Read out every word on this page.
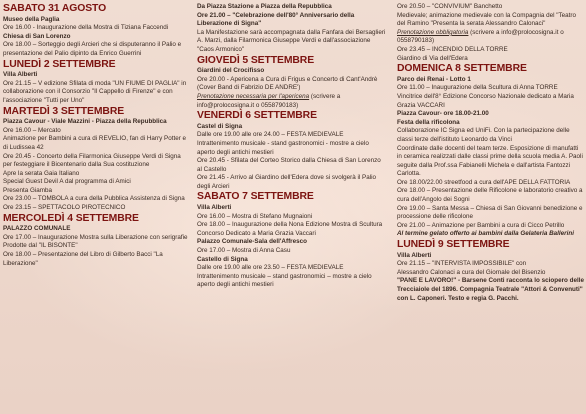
SABATO 31 AGOSTO

Museo della Paglia

Ore 16.00 - Inaugurazione della Mostra di Tiziana Faccendi

Chiesa di San Lorenzo

Ore 18.00 – Sorteggio degli Arcieri che si disputeranno il Palio e presentazione del Palio dipinto da Enrico Guerrini

LUNEDÌ 2 SETTEMBRE

Villa Alberti

Ore 21.15 – V edizione Sfilata di moda "UN FIUME DI PAGLIA" in collaborazione con il Consorzio "Il Cappello di Firenze" e con l'associazione "Tutti per Uno"

MARTEDÌ 3 SETTEMBRE

Piazza Cavour - Viale Mazzini - Piazza della Repubblica

Ore 16.00 – Mercato

Animazione per Bambini a cura di REVELIO, fan di Harry Potter e di Ludissea 42

Ore 20.45 - Concerto della Filarmonica Giuseppe Verdi di Signa per festeggiare il Bicentenario dalla Sua costituzione

Apre la serata Gaia Italiano

Special Guest Devil A dal programma di Amici

Presenta Giamba

Ore 23.00 – TOMBOLA a cura della Pubblica Assistenza di Signa

Ore 23.15 – SPETTACOLO PIROTECNICO

MERCOLEDÌ 4 SETTEMBRE

PALAZZO COMUNALE

Ore 17.00 – Inaugurazione Mostra sulla Liberazione con serigrafie Prodotte dal "IL BISONTE"

Ore 18.00 – Presentazione del Libro di Gilberto Bacci "La Liberazione"

Da Piazza Stazione a Piazza della Repubblica

Ore 21.00 – "Celebrazione dell'80° Anniversario della Liberazione di Signa"

La Manifestazione sarà accompagnata dalla Fanfara dei Bersaglieri A. Marzi, dalla Filarmonica Giuseppe Verdi e dall'associazione "Caos Armonico"

GIOVEDÌ 5 SETTEMBRE

Giardini del Crocifisso

Ore 20.00 - Apericena a Cura di Frigus e Concerto di Cant'Andrè (Cover Band di Fabrizio DE ANDRE')

Prenotazione necessaria per l'apericena (scrivere a info@prolocosigna.it o 0558790183)

VENERDÌ 6 SETTEMBRE

Castel di Signa

Dalle ore 19.00 alle ore 24.00 – FESTA MEDIEVALE

Intrattenimento musicale - stand gastronomici - mostre a cielo aperto degli antichi mestieri

Ore 20.45 - Sfilata del Corteo Storico dalla Chiesa di San Lorenzo al Castello

Ore 21.45 - Arrivo al Giardino dell'Edera dove si svolgerà il Palio degli Arcieri

SABATO 7 SETTEMBRE

Villa Alberti

Ore 16.00 – Mostra di Stefano Mugnaioni

Ore 18.00 – Inaugurazione della Nona Edizione Mostra di Scultura Concorso Dedicato a Maria Grazia Vaccari

Palazzo Comunale-Sala dell'Affresco

Ore 17.00 – Mostra di Anna Casu

Castello di Signa

Dalle ore 19.00 alle ore 23.50 – FESTA MEDIEVALE

Intrattenimento musicale – stand gastronomici – mostre a cielo aperto degli antichi mestieri

Ore 20.50 – "CONVIVIUM" Banchetto

Medievale; animazione medievale con la Compagnia del "Teatro del Ramino "Presenta la serata Alessandro Calonaci"

Prenotazione obbligatoria (scrivere a info@prolocosigna.it o 0558790183)

Ore 23.45 – INCENDIO DELLA TORRE

Giardino di Via dell'Edera

DOMENICA 8 SETTEMBRE

Parco dei Renai - Lotto 1

Ore 11.00 – Inaugurazione della Scultura di Anna TORRE Vincitrice dell'8° Edizione Concorso Nazionale dedicato a Maria Grazia VACCARI

Piazza Cavour- ore 18.00-21.00

Festa della rificolona

Collaborazione IC Signa ed UniFi. Con la partecipazione delle classi terze dell'istituto Leonardo da Vinci

Coordinate dalle docenti del team terze. Esposizione di manufatti in ceramica realizzati dalle classi prime della scuola media A. Paoli seguite dalla Prof.ssa Fabianelli Michela e dall'artista Fantozzi Carlotta.

Ore 18.00/22.00 streetfood a cura dell'APE DELLA FATTORIA

Ore 18.00 – Presentazione delle Rificolone e laboratorio creativo a cura dell'Angolo dei Sogni

Ore 19.00 – Santa Messa – Chiesa di San Giovanni benedizione e processione delle rificolone

Ore 21.00 – Animazione per Bambini a cura di Cicco Petrillo

Al termine gelato offerto ai bambini dalla Gelateria Ballerini

LUNEDÌ 9 SETTEMBRE

Villa Alberti

Ore 21.15 – "INTERVISTA IMPOSSIBILE" con

Alessandro Calonaci a cura del Giornale del Bisenzio

"PANE E LAVORO!" - Barsene Conti racconta lo sciopero delle Trecciaiole del 1896. Compagnia Teatrale "Attori & Convenuti" con L. Caponeri. Testo e regia G. Pacchi.
